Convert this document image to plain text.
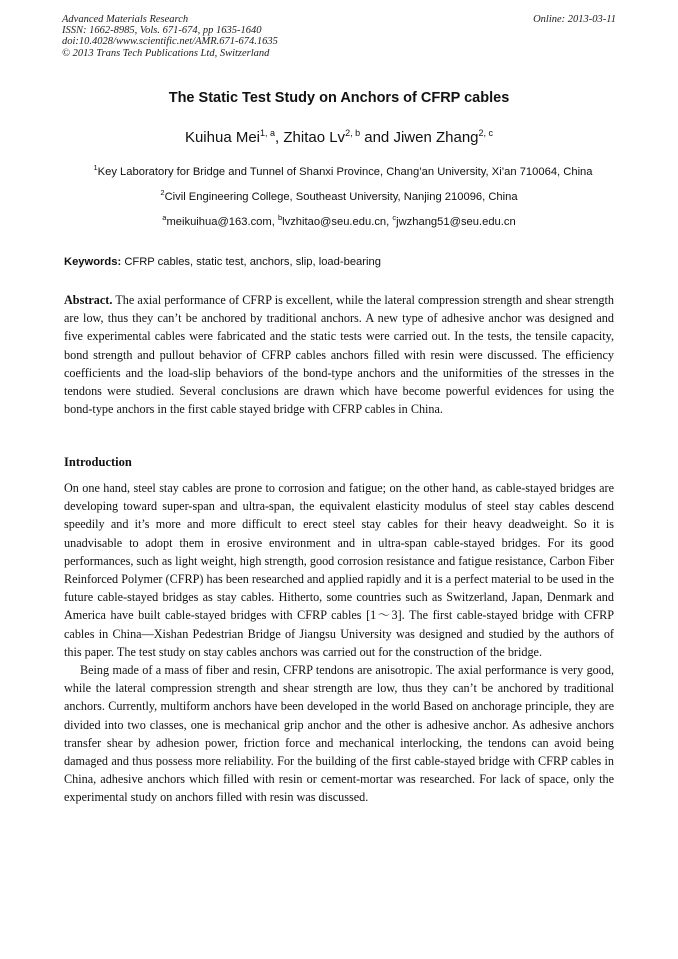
Advanced Materials Research
ISSN: 1662-8985, Vols. 671-674, pp 1635-1640
doi:10.4028/www.scientific.net/AMR.671-674.1635
© 2013 Trans Tech Publications Ltd, Switzerland
Online: 2013-03-11
The Static Test Study on Anchors of CFRP cables
Kuihua Mei$^{1, a}$, Zhitao Lv$^{2, b}$ and Jiwen Zhang$^{2, c}$
$^1$Key Laboratory for Bridge and Tunnel of Shanxi Province, Chang’an University, Xi’an 710064, China
$^2$Civil Engineering College, Southeast University, Nanjing 210096, China
$^a$meikuihua@163.com, $^b$lvzhitao@seu.edu.cn, $^c$jwzhang51@seu.edu.cn
Keywords: CFRP cables, static test, anchors, slip, load-bearing

Abstract. The axial performance of CFRP is excellent, while the lateral compression strength and shear strength are low, thus they can’t be anchored by traditional anchors. A new type of adhesive anchor was designed and five experimental cables were fabricated and the static tests were carried out. In the tests, the tensile capacity, bond strength and pullout behavior of CFRP cables anchors filled with resin were discussed. The efficiency coefficients and the load-slip behaviors of the bond-type anchors and the uniformities of the stresses in the tendons were studied. Several conclusions are drawn which have become powerful evidences for using the bond-type anchors in the first cable stayed bridge with CFRP cables in China.

Introduction

On one hand, steel stay cables are prone to corrosion and fatigue; on the other hand, as cable-stayed bridges are developing toward super-span and ultra-span, the equivalent elasticity modulus of steel stay cables descend speedily and it’s more and more difficult to erect steel stay cables for their heavy deadweight. So it is unadvisable to adopt them in erosive environment and in ultra-span cable-stayed bridges. For its good performances, such as light weight, high strength, good corrosion resistance and fatigue resistance, Carbon Fiber Reinforced Polymer (CFRP) has been researched and applied rapidly and it is a perfect material to be used in the future cable-stayed bridges as stay cables. Hitherto, some countries such as Switzerland, Japan, Denmark and America have built cable-stayed bridges with CFRP cables [1～3]. The first cable-stayed bridge with CFRP cables in China—Xishan Pedestrian Bridge of Jiangsu University was designed and studied by the authors of this paper. The test study on stay cables anchors was carried out for the construction of the bridge.

Being made of a mass of fiber and resin, CFRP tendons are anisotropic. The axial performance is very good, while the lateral compression strength and shear strength are low, thus they can’t be anchored by traditional anchors. Currently, multiform anchors have been developed in the world Based on anchorage principle, they are divided into two classes, one is mechanical grip anchor and the other is adhesive anchor. As adhesive anchors transfer shear by adhesion power, friction force and mechanical interlocking, the tendons can avoid being damaged and thus possess more reliability. For the building of the first cable-stayed bridge with CFRP cables in China, adhesive anchors which filled with resin or cement-mortar was researched. For lack of space, only the experimental study on anchors filled with resin was discussed.
